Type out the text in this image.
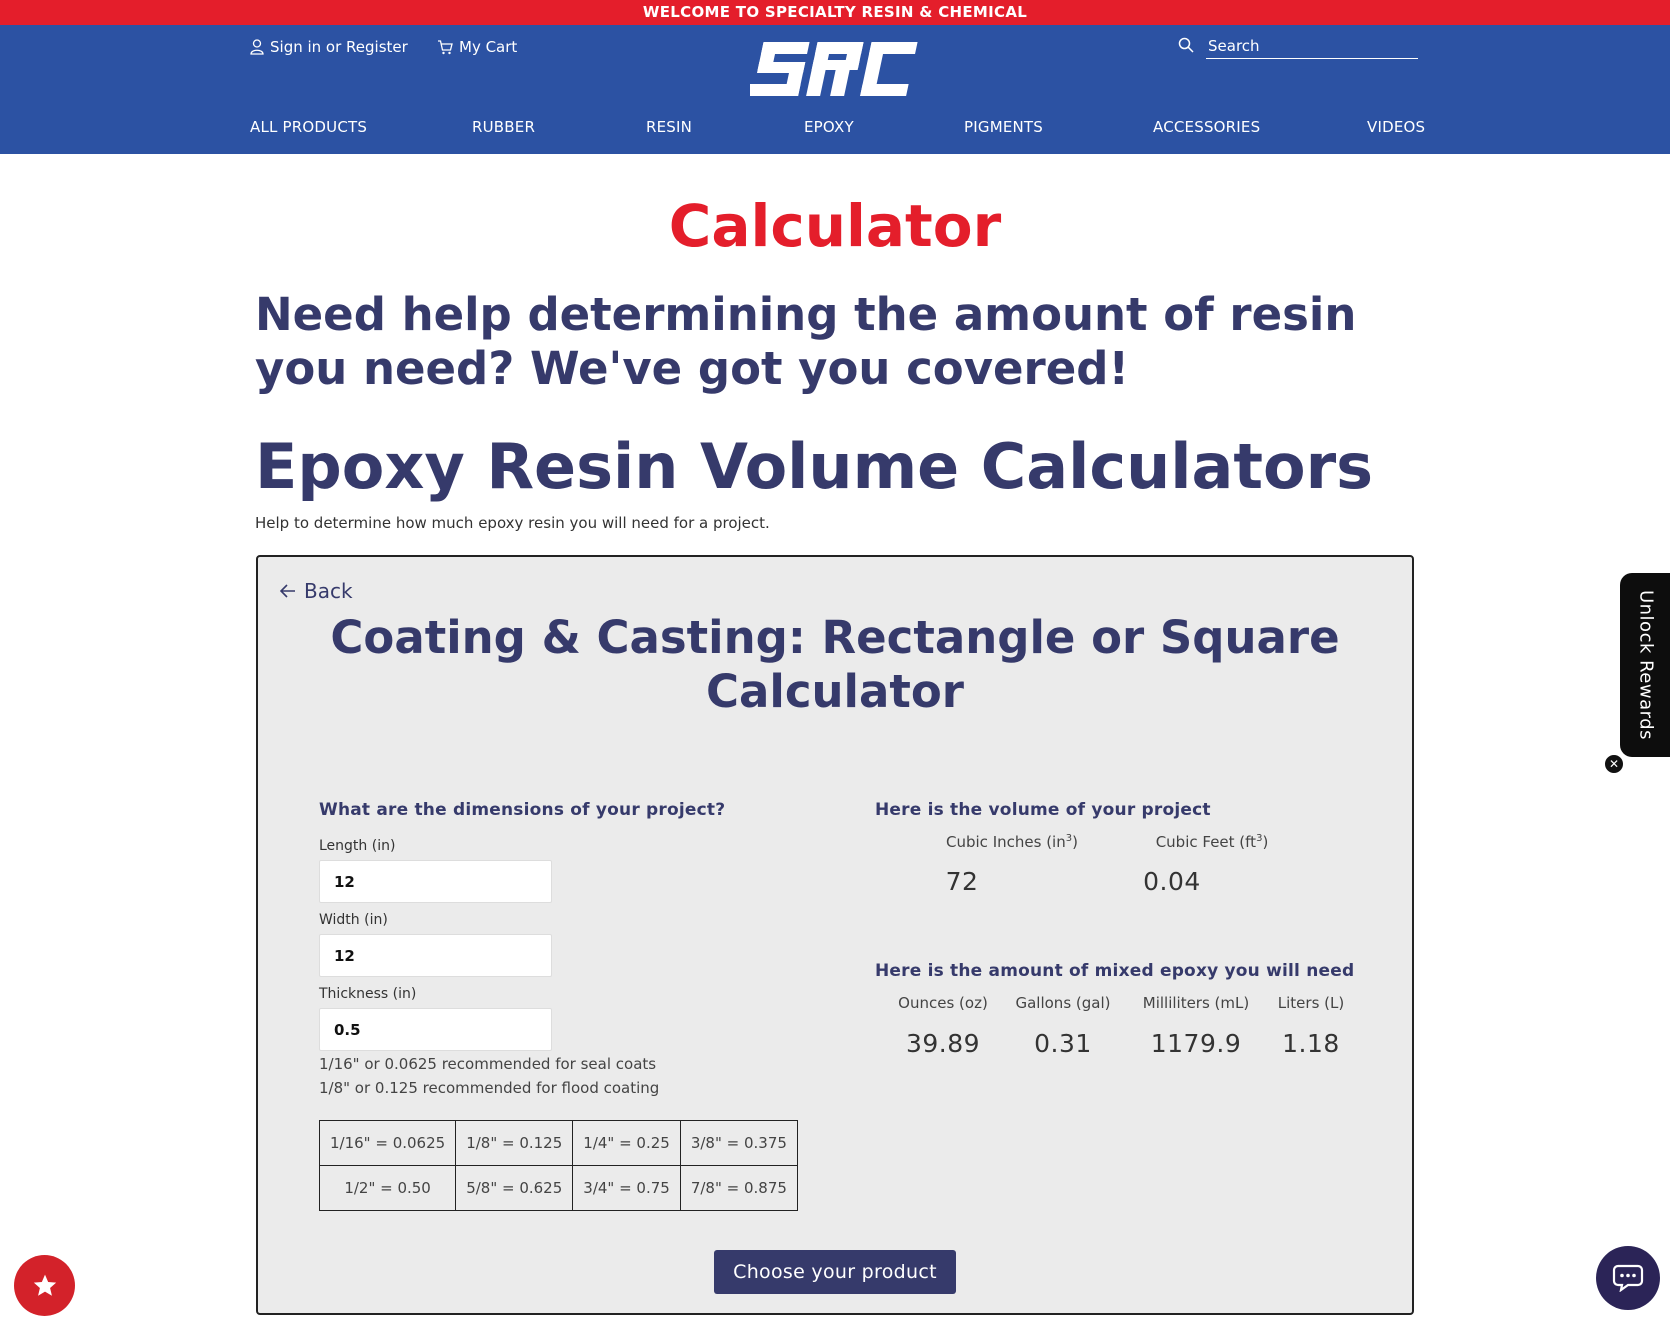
WELCOME TO SPECIALTY RESIN & CHEMICAL
Sign in or Register	My Cart
Search
ALL PRODUCTS	RUBBER	RESIN	EPOXY	PIGMENTS	ACCESSORIES	VIDEOS
Calculator
Need help determining the amount of resin you need? We've got you covered!
Epoxy Resin Volume Calculators
Help to determine how much epoxy resin you will need for a project.
Back
Coating & Casting: Rectangle or Square Calculator
What are the dimensions of your project?
Length (in)
12
Width (in)
12
Thickness (in)
0.5
1/16" or 0.0625 recommended for seal coats
1/8" or 0.125 recommended for flood coating
1/16" = 0.0625	1/8" = 0.125	1/4" = 0.25	3/8" = 0.375
1/2" = 0.50	5/8" = 0.625	3/4" = 0.75	7/8" = 0.875
Here is the volume of your project
Cubic Inches $(in^3)$	Cubic Feet $(ft^3)$
72	0.04
Here is the amount of mixed epoxy you will need
Ounces (oz)	Gallons (gal)	Milliliters (mL)	Liters (L)
39.89	0.31	1179.9	1.18
Choose your product
Unlock Rewards
✕
